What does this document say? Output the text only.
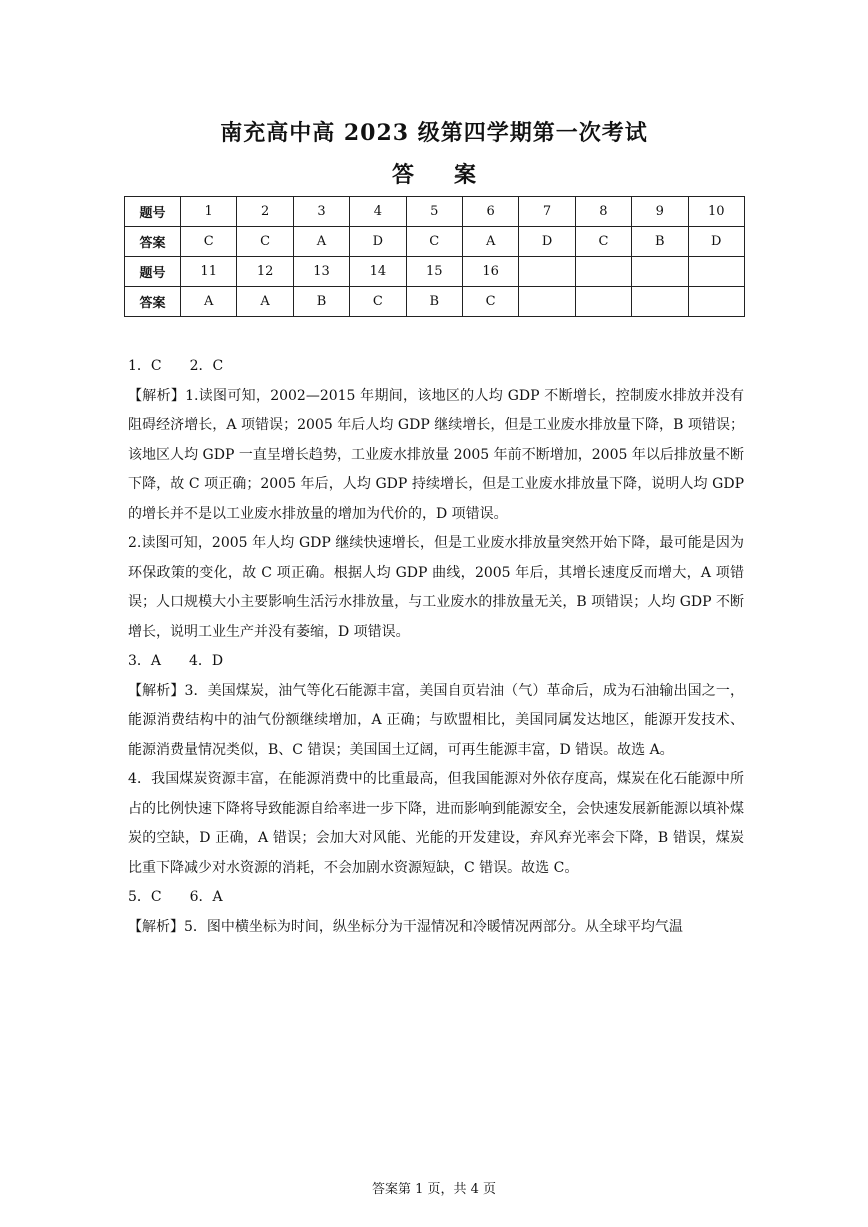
南充高中高 2023 级第四学期第一次考试
答案
题号	1	2	3	4	5	6	7	8	9	10
答案	C	C	A	D	C	A	D	C	B	D
题号	11	12	13	14	15	16				
答案	A	A	B	C	B	C				

1．C　　2．C

【解析】1.读图可知，2002—2015 年期间，该地区的人均 GDP 不断增长，控制废水排放并没有阻碍经济增长，A 项错误；2005 年后人均 GDP 继续增长，但是工业废水排放量下降，B 项错误；该地区人均 GDP 一直呈增长趋势，工业废水排放量 2005 年前不断增加，2005 年以后排放量不断下降，故 C 项正确；2005 年后，人均 GDP 持续增长，但是工业废水排放量下降，说明人均 GDP 的增长并不是以工业废水排放量的增加为代价的，D 项错误。

2.读图可知，2005 年人均 GDP 继续快速增长，但是工业废水排放量突然开始下降，最可能是因为环保政策的变化，故 C 项正确。根据人均 GDP 曲线，2005 年后，其增长速度反而增大，A 项错误；人口规模大小主要影响生活污水排放量，与工业废水的排放量无关，B 项错误；人均 GDP 不断增长，说明工业生产并没有萎缩，D 项错误。

3．A　　4．D

【解析】3．美国煤炭，油气等化石能源丰富，美国自页岩油（气）革命后，成为石油输出国之一，能源消费结构中的油气份额继续增加，A 正确；与欧盟相比，美国同属发达地区，能源开发技术、能源消费量情况类似，B、C 错误；美国国土辽阔，可再生能源丰富，D 错误。故选 A。

4．我国煤炭资源丰富，在能源消费中的比重最高，但我国能源对外依存度高，煤炭在化石能源中所占的比例快速下降将导致能源自给率进一步下降，进而影响到能源安全，会快速发展新能源以填补煤炭的空缺，D 正确，A 错误；会加大对风能、光能的开发建设，弃风弃光率会下降，B 错误，煤炭比重下降减少对水资源的消耗，不会加剧水资源短缺，C 错误。故选 C。

5．C　　6．A

【解析】5．图中横坐标为时间，纵坐标分为干湿情况和冷暖情况两部分。从全球平均气温

答案第 1 页，共 4 页
